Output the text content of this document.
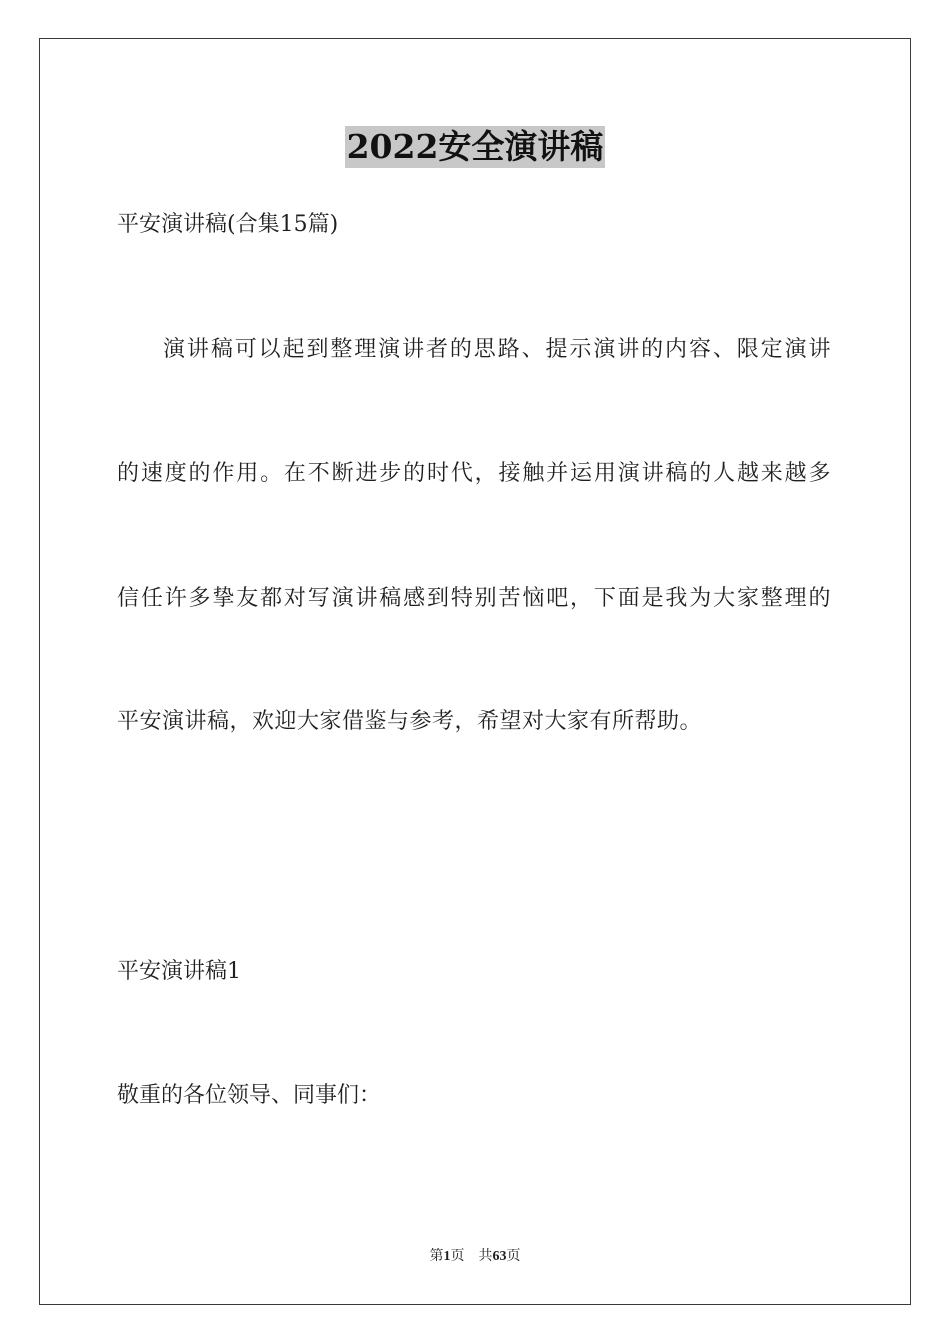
2022安全演讲稿
平安演讲稿(合集15篇)
演讲稿可以起到整理演讲者的思路、提示演讲的内容、限定演讲
的速度的作用。在不断进步的时代，接触并运用演讲稿的人越来越多
信任许多挚友都对写演讲稿感到特别苦恼吧，下面是我为大家整理的
平安演讲稿，欢迎大家借鉴与参考，希望对大家有所帮助。
平安演讲稿1
敬重的各位领导、同事们：
第1页　共63页
